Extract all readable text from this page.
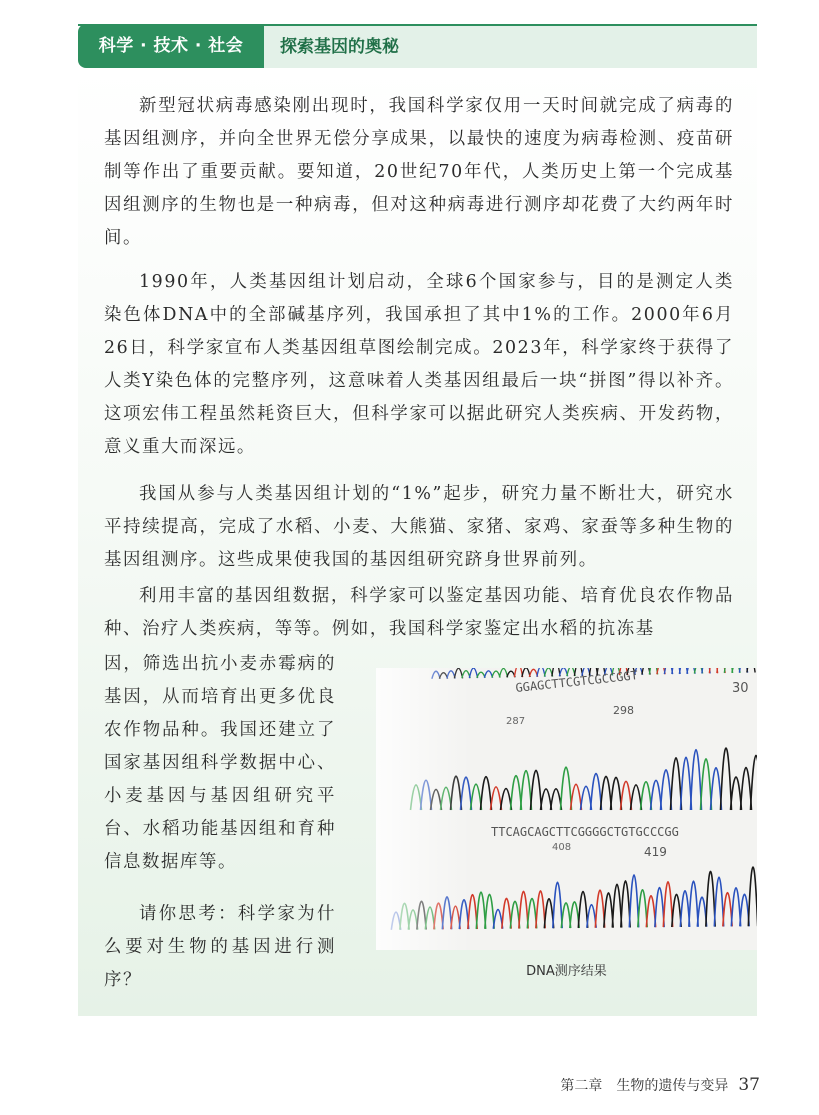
科学 · 技术 · 社会	探索基因的奥秘

新型冠状病毒感染刚出现时，我国科学家仅用一天时间就完成了病毒的基因组测序，并向全世界无偿分享成果，以最快的速度为病毒检测、疫苗研制等作出了重要贡献。要知道，20世纪70年代，人类历史上第一个完成基因组测序的生物也是一种病毒，但对这种病毒进行测序却花费了大约两年时间。

1990年，人类基因组计划启动，全球6个国家参与，目的是测定人类染色体DNA中的全部碱基序列，我国承担了其中1%的工作。2000年6月26日，科学家宣布人类基因组草图绘制完成。2023年，科学家终于获得了人类Y染色体的完整序列，这意味着人类基因组最后一块“拼图”得以补齐。这项宏伟工程虽然耗资巨大，但科学家可以据此研究人类疾病、开发药物，意义重大而深远。

我国从参与人类基因组计划的“1%”起步，研究力量不断壮大，研究水平持续提高，完成了水稻、小麦、大熊猫、家猪、家鸡、家蚕等多种生物的基因组测序。这些成果使我国的基因组研究跻身世界前列。

利用丰富的基因组数据，科学家可以鉴定基因功能、培育优良农作物品种、治疗人类疾病，等等。例如，我国科学家鉴定出水稻的抗冻基

因，筛选出抗小麦赤霉病的基因，从而培育出更多优良农作物品种。我国还建立了国家基因组科学数据中心、小麦基因与基因组研究平台、水稻功能基因组和育种信息数据库等。

请你思考：科学家为什么要对生物的基因进行测序？	DNA测序结果
第二章　生物的遗传与变异 37
